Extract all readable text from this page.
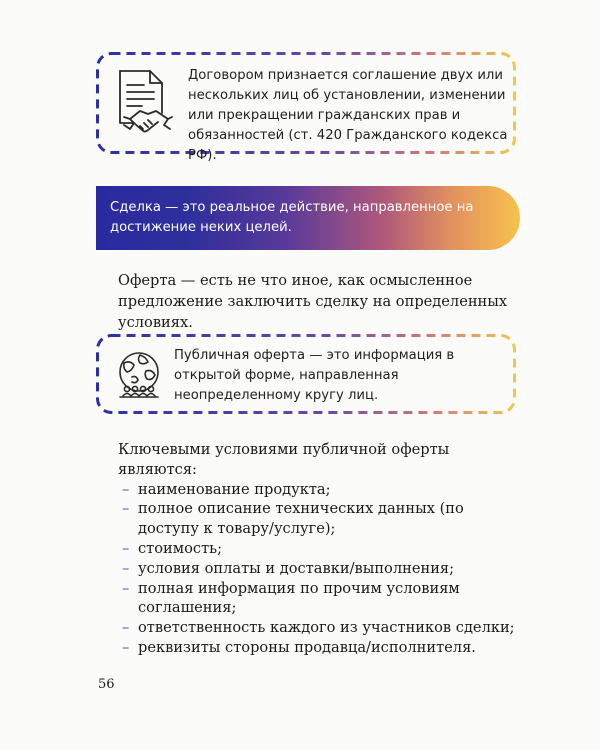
Договором признается соглашение двух или нескольких лиц об установлении, изменении или прекращении гражданских прав и обязанностей (ст. 420 Гражданского кодекса РФ).
Сделка — это реальное действие, направленное на достижение неких целей.
Оферта — есть не что иное, как осмысленное предложение заключить сделку на определенных условиях.
Публичная оферта — это информация в открытой форме, направленная неопределенному кругу лиц.

Ключевыми условиями публичной оферты являются:

– наименование продукта;
– полное описание технических данных (по доступу к товару/услуге);
– стоимость;
– условия оплаты и доставки/выполнения;
– полная информация по прочим условиям соглашения;
– ответственность каждого из участников сделки;
– реквизиты стороны продавца/исполнителя.
56
